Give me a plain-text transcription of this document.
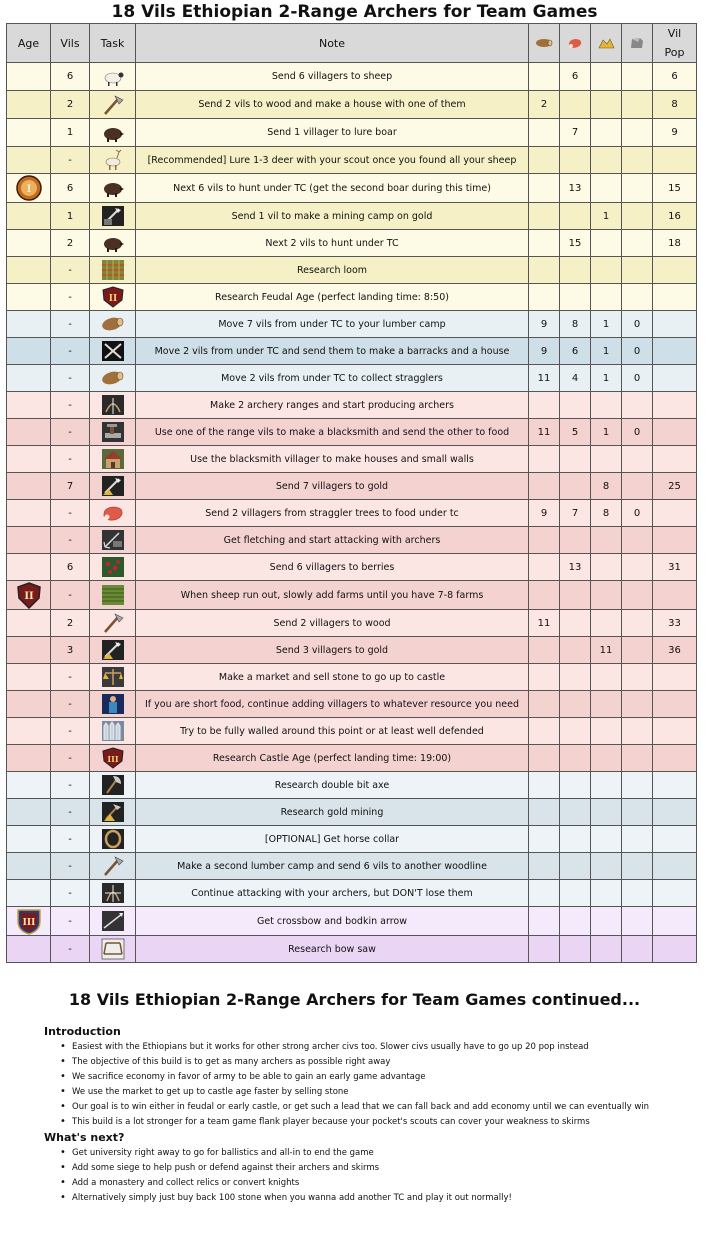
18 Vils Ethiopian 2-Range Archers for Team Games
Age	Vils	Task	Note					Vil
Pop
	6		Send 6 villagers to sheep		6			6
	2		Send 2 vils to wood and make a house with one of them	2				8
	1		Send 1 villager to lure boar		7			9
	-		[Recommended] Lure 1-3 deer with your scout once you found all your sheep					

I	6		Next 6 vils to hunt under TC (get the second boar during this time)		13			15
	1		Send 1 vil to make a mining camp on gold			1		16
	2		Next 2 vils to hunt under TC		15			18
	-		Research loom					
	-	II	Research Feudal Age (perfect landing time: 8:50)					
	-		Move 7 vils from under TC to your lumber camp	9	8	1	0	
	-		Move 2 vils from under TC and send them to make a barracks and a house	9	6	1	0	
	-		Move 2 vils from under TC to collect stragglers	11	4	1	0	
	-		Make 2 archery ranges and start producing archers					
	-		Use one of the range vils to make a blacksmith and send the other to food	11	5	1	0	
	-		Use the blacksmith villager to make houses and small walls					
	7		Send 7 villagers to gold			8		25
	-		Send 2 villagers from straggler trees to food under tc	9	7	8	0	
	-		Get fletching and start attacking with archers					
	6		Send 6 villagers to berries		13			31

II	-		When sheep run out, slowly add farms until you have 7-8 farms					
	2		Send 2 villagers to wood	11				33
	3		Send 3 villagers to gold			11		36
	-		Make a market and sell stone to go up to castle					
	-		If you are short food, continue adding villagers to whatever resource you need					
	-		Try to be fully walled around this point or at least well defended					
	-	III	Research Castle Age (perfect landing time: 19:00)					
	-		Research double bit axe					
	-		Research gold mining					
	-		[OPTIONAL] Get horse collar					
	-		Make a second lumber camp and send 6 vils to another woodline					
	-		Continue attacking with your archers, but DON'T lose them					

III	-		Get crossbow and bodkin arrow					
	-		Research bow saw					
18 Vils Ethiopian 2-Range Archers for Team Games continued...
Introduction
• Easiest with the Ethiopians but it works for other strong archer civs too. Slower civs usually have to go up 20 pop instead
• The objective of this build is to get as many archers as possible right away
• We sacrifice economy in favor of army to be able to gain an early game advantage
• We use the market to get up to castle age faster by selling stone
• Our goal is to win either in feudal or early castle, or get such a lead that we can fall back and add economy until we can eventually win
• This build is a lot stronger for a team game flank player because your pocket's scouts can cover your weakness to skirms
What's next?
• Get university right away to go for ballistics and all-in to end the game
• Add some siege to help push or defend against their archers and skirms
• Add a monastery and collect relics or convert knights
• Alternatively simply just buy back 100 stone when you wanna add another TC and play it out normally!
